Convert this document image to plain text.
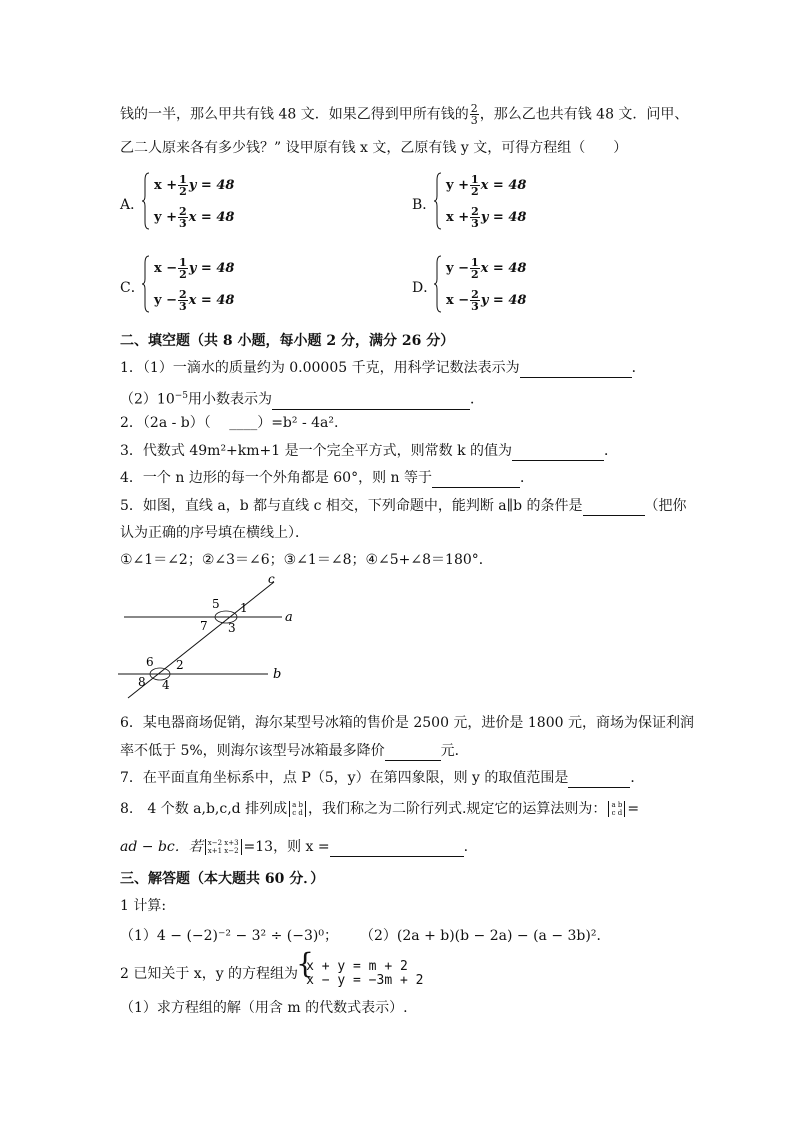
钱的一半，那么甲共有钱 48 文．如果乙得到甲所有钱的 $\frac{2}{3}$ ，那么乙也共有钱 48 文．问甲、
乙二人原来各有多少钱？” 设甲原有钱 x 文，乙原有钱 y 文，可得方程组（　　）
A．
$x + \frac{1}{2}$ y = 48
$y + \frac{2}{3}$ x = 48
B．
$y + \frac{1}{2}$ x = 48
$x + \frac{2}{3}$ y = 48
C．
$x - \frac{1}{2}$ y = 48
$y - \frac{2}{3}$ x = 48
D．
$y - \frac{1}{2}$ x = 48
$x - \frac{2}{3}$ y = 48
二、填空题（共 8 小题，每小题 2 分，满分 26 分）
1．（1）一滴水的质量约为 0.00005 千克，用科学记数法表示为	．
$(2)10^{-5}$用小数表示为	．
2．（2a - b）（　 ____）=b² - 4a².
3．代数式 49m²+km+1 是一个完全平方式，则常数 k 的值为	．
4．一个 n 边形的每一个外角都是 60°，则 n 等于	．
5．如图，直线 a，b 都与直线 c 相交，下列命题中，能判断 a∥b 的条件是	（把你
认为正确的序号填在横线上）．
①∠1＝∠2；②∠3＝∠6；③∠1＝∠8；④∠5+∠8＝180°．
a
b
c
5 1
7 3
6 2
8 4
6．某电器商场促销，海尔某型号冰箱的售价是 2500 元，进价是 1800 元，商场为保证利润
率不低于 5%，则海尔该型号冰箱最多降价	元．
7．在平面直角坐标系中，点 P（5，y）在第四象限，则 y 的取值范围是	．
8.　4 个数 a,b,c,d 排列成 a b
c d ，我们称之为二阶行列式.规定它的运算法则为： a b
c d =
ad − bc．若 x−2 x+3
x+1 x−2 =13，则 x =	.
三、解答题（本大题共 60 分．）
1 计算:
（1）4 − (−2)⁻² − 3² ÷ (−3)⁰； （2）(2a + b)(b − 2a) − (a − 3b)²．
2 已知关于 x，y 的方程组为
{ x + y = m + 2
x − y = −3m + 2
（1）求方程组的解（用含 m 的代数式表示）.
